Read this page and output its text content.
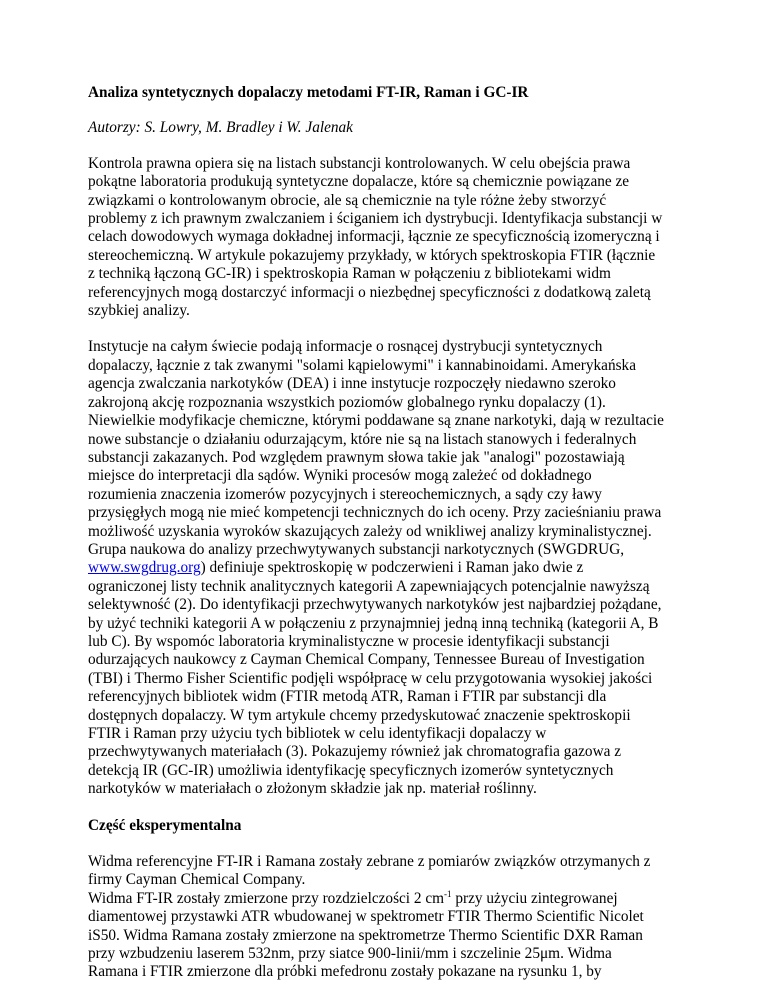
Analiza syntetycznych dopalaczy metodami FT-IR, Raman i GC-IR
Autorzy: S. Lowry, M. Bradley i W. Jalenak

Kontrola prawna opiera się na listach substancji kontrolowanych. W celu obejścia prawa
pokątne laboratoria produkują syntetyczne dopalacze, które są chemicznie powiązane ze
związkami o kontrolowanym obrocie, ale są chemicznie na tyle różne żeby stworzyć
problemy z ich prawnym zwalczaniem i ściganiem ich dystrybucji. Identyfikacja substancji w
celach dowodowych wymaga dokładnej informacji, łącznie ze specyficznością izomeryczną i
stereochemiczną. W artykule pokazujemy przykłady, w których spektroskopia FTIR (łącznie
z techniką łączoną GC-IR) i spektroskopia Raman w połączeniu z bibliotekami widm
referencyjnych mogą dostarczyć informacji o niezbędnej specyficzności z dodatkową zaletą
szybkiej analizy.

Instytucje na całym świecie podają informacje o rosnącej dystrybucji syntetycznych
dopalaczy, łącznie z tak zwanymi "solami kąpielowymi" i kannabinoidami. Amerykańska
agencja zwalczania narkotyków (DEA) i inne instytucje rozpoczęły niedawno szeroko
zakrojoną akcję rozpoznania wszystkich poziomów globalnego rynku dopalaczy (1).
Niewielkie modyfikacje chemiczne, którymi poddawane są znane narkotyki, dają w rezultacie
nowe substancje o działaniu odurzającym, które nie są na listach stanowych i federalnych
substancji zakazanych. Pod względem prawnym słowa takie jak "analogi" pozostawiają
miejsce do interpretacji dla sądów. Wyniki procesów mogą zależeć od dokładnego
rozumienia znaczenia izomerów pozycyjnych i stereochemicznych, a sądy czy ławy
przysięgłych mogą nie mieć kompetencji technicznych do ich oceny. Przy zacieśnianiu prawa
możliwość uzyskania wyroków skazujących zależy od wnikliwej analizy kryminalistycznej.
Grupa naukowa do analizy przechwytywanych substancji narkotycznych (SWGDRUG,
www.swgdrug.org) definiuje spektroskopię w podczerwieni i Raman jako dwie z
ograniczonej listy technik analitycznych kategorii A zapewniających potencjalnie nawyższą
selektywność (2). Do identyfikacji przechwytywanych narkotyków jest najbardziej pożądane,
by użyć techniki kategorii A w połączeniu z przynajmniej jedną inną techniką (kategorii A, B
lub C). By wspomóc laboratoria kryminalistyczne w procesie identyfikacji substancji
odurzających naukowcy z Cayman Chemical Company, Tennessee Bureau of Investigation
(TBI) i Thermo Fisher Scientific podjęli współpracę w celu przygotowania wysokiej jakości
referencyjnych bibliotek widm (FTIR metodą ATR, Raman i FTIR par substancji dla
dostępnych dopalaczy. W tym artykule chcemy przedyskutować znaczenie spektroskopii
FTIR i Raman przy użyciu tych bibliotek w celu identyfikacji dopalaczy w
przechwytywanych materiałach (3). Pokazujemy również jak chromatografia gazowa z
detekcją IR (GC-IR) umożliwia identyfikację specyficznych izomerów syntetycznych
narkotyków w materiałach o złożonym składzie jak np. materiał roślinny.

Część eksperymentalna

Widma referencyjne FT-IR i Ramana zostały zebrane z pomiarów związków otrzymanych z
firmy Cayman Chemical Company.
Widma FT-IR zostały zmierzone przy rozdzielczości 2 $cm^{-1}$ przy użyciu zintegrowanej
diamentowej przystawki ATR wbudowanej w spektrometr FTIR Thermo Scientific Nicolet
iS50. Widma Ramana zostały zmierzone na spektrometrze Thermo Scientific DXR Raman
przy wzbudzeniu laserem 532nm, przy siatce 900-linii/mm i szczelinie 25μm. Widma
Ramana i FTIR zmierzone dla próbki mefedronu zostały pokazane na rysunku 1, by
